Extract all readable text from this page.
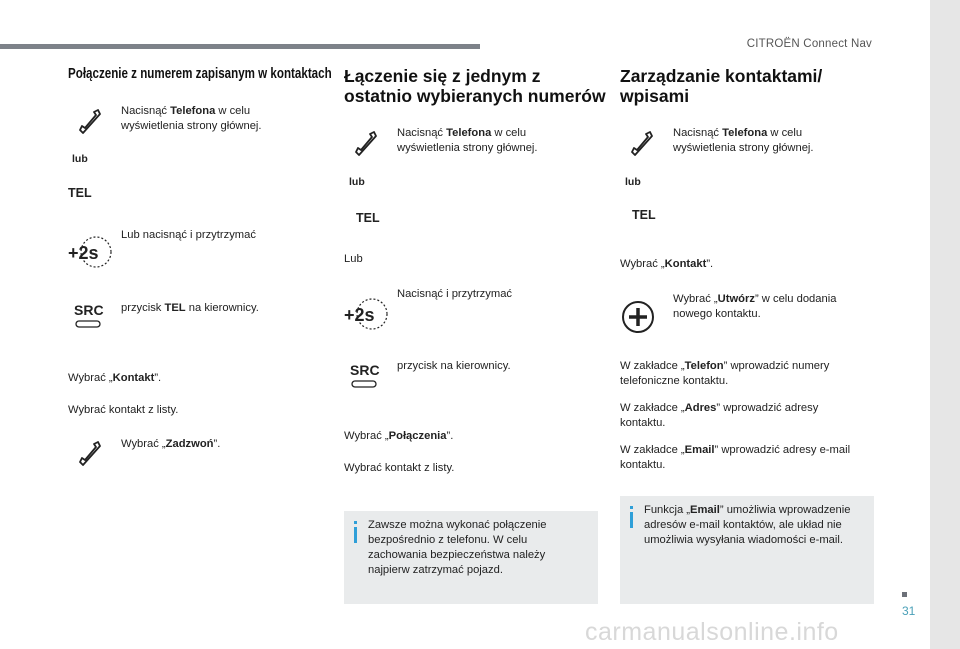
CITROËN Connect Nav
31
carmanualsonline.info
Połączenie z numerem zapisanym w kontaktach
Nacisnąć Telefona w celu wyświetlenia strony głównej.
lub
TEL
+2s
Lub nacisnąć i przytrzymać
SRC przycisk TEL na kierownicy.
Wybrać „Kontakt”.
Wybrać kontakt z listy.
Wybrać „Zadzwoń”.
Łączenie się z jednym z ostatnio wybieranych numerów
Nacisnąć Telefona w celu wyświetlenia strony głównej.
lub
TEL
Lub
+2s
Nacisnąć i przytrzymać
SRC przycisk na kierownicy.
Wybrać „Połączenia”.
Wybrać kontakt z listy.
Zawsze można wykonać połączenie bezpośrednio z telefonu. W celu zachowania bezpieczeństwa należy najpierw zatrzymać pojazd.
Zarządzanie kontaktami/ wpisami
Nacisnąć Telefona w celu wyświetlenia strony głównej.
lub
TEL
Wybrać „Kontakt”.
Wybrać „Utwórz” w celu dodania nowego kontaktu.
W zakładce „Telefon” wprowadzić numery telefoniczne kontaktu.
W zakładce „Adres” wprowadzić adresy kontaktu.
W zakładce „Email” wprowadzić adresy e-mail kontaktu.
Funkcja „Email” umożliwia wprowadzenie adresów e-mail kontaktów, ale układ nie umożliwia wysyłania wiadomości e-mail.
